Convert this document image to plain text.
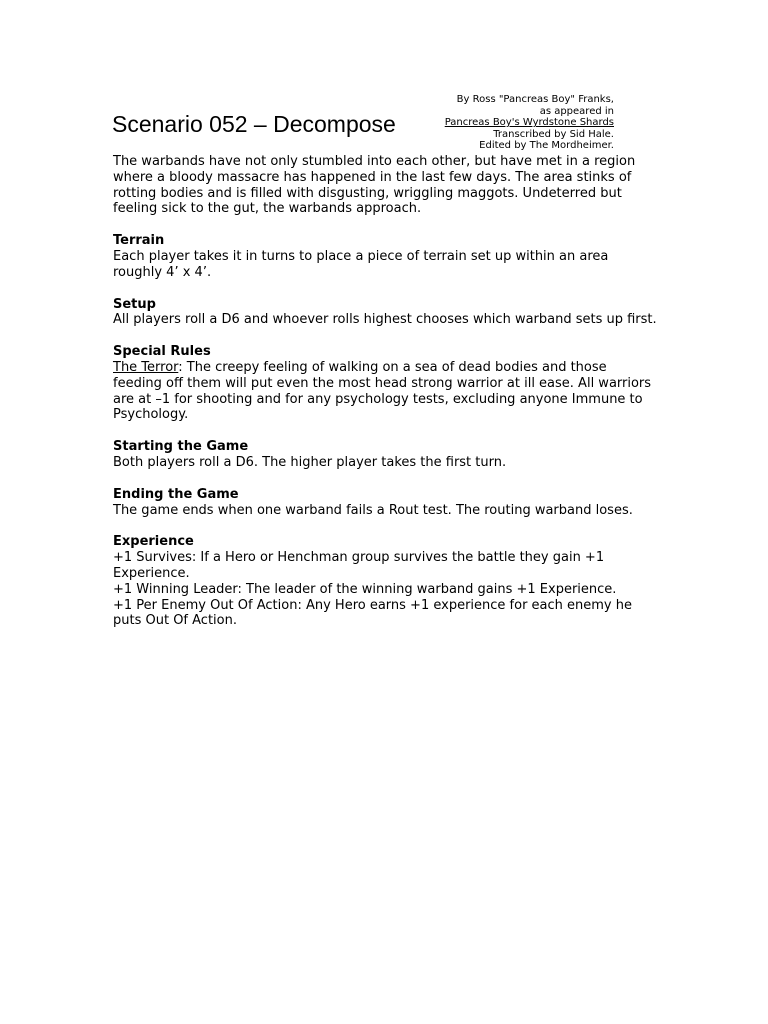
Scenario 052 – Decompose
By Ross "Pancreas Boy" Franks,
as appeared in
Pancreas Boy's Wyrdstone Shards
Transcribed by Sid Hale.
Edited by The Mordheimer.

The warbands have not only stumbled into each other, but have met in a region where a bloody massacre has happened in the last few days. The area stinks of rotting bodies and is filled with disgusting, wriggling maggots. Undeterred but feeling sick to the gut, the warbands approach.

Terrain

Each player takes it in turns to place a piece of terrain set up within an area roughly 4’ x 4’.

Setup

All players roll a D6 and whoever rolls highest chooses which warband sets up first.

Special Rules

The Terror: The creepy feeling of walking on a sea of dead bodies and those feeding off them will put even the most head strong warrior at ill ease. All warriors are at –1 for shooting and for any psychology tests, excluding anyone Immune to Psychology.

Starting the Game

Both players roll a D6. The higher player takes the first turn.

Ending the Game

The game ends when one warband fails a Rout test. The routing warband loses.

Experience

+1 Survives: If a Hero or Henchman group survives the battle they gain +1 Experience.

+1 Winning Leader: The leader of the winning warband gains +1 Experience.

+1 Per Enemy Out Of Action: Any Hero earns +1 experience for each enemy he puts Out Of Action.
